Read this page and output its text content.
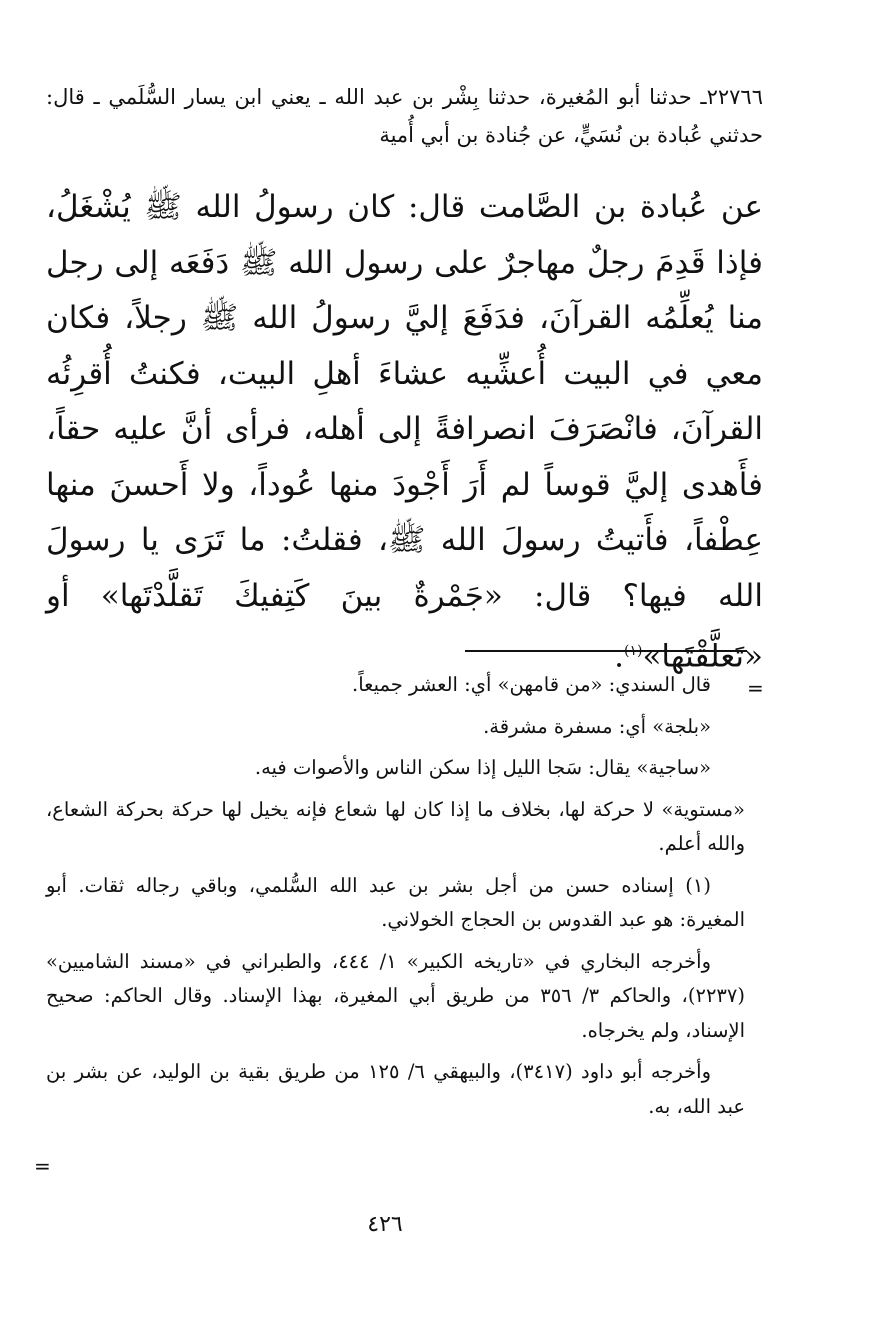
٢٢٧٦٦ـ حدثنا أبو المُغيرة، حدثنا بِشْر بن عبد الله ـ يعني ابن يسار السُّلَمي ـ قال: حدثني عُبادة بن نُسَيٍّ، عن جُنادة بن أبي أُمية

عن عُبادة بن الصَّامت قال: كان رسولُ الله ﷺ يُشْغَلُ، فإذا قَدِمَ رجلٌ مهاجرٌ على رسول الله ﷺ دَفَعَه إلى رجل منا يُعلِّمُه القرآنَ، فدَفَعَ إليَّ رسولُ الله ﷺ رجلاً، فكان معي في البيت أُعشِّيه عشاءَ أهلِ البيت، فكنتُ أُقرِئُه القرآنَ، فانْصَرَفَ انصرافةً إلى أهله، فرأى أنَّ عليه حقاً، فأَهدى إليَّ قوساً لم أَرَ أَجْودَ منها عُوداً، ولا أَحسنَ منها عِطْفاً، فأَتيتُ رسولَ الله ﷺ، فقلتُ: ما تَرَى يا رسولَ الله فيها؟ قال: «جَمْرةٌ بينَ كَتِفيكَ تَقلَّدْتَها» أو «تَعلَّقْتَها»$^{(١)}$.

=

قال السندي: «من قامهن» أي: العشر جميعاً.

«بلجة» أي: مسفرة مشرقة.

«ساجية» يقال: سَجا الليل إذا سكن الناس والأصوات فيه.

«مستوية» لا حركة لها، بخلاف ما إذا كان لها شعاع فإنه يخيل لها حركة بحركة الشعاع، والله أعلم.

(١) إسناده حسن من أجل بشر بن عبد الله السُّلمي، وباقي رجاله ثقات. أبو المغيرة: هو عبد القدوس بن الحجاج الخولاني.

وأخرجه البخاري في «تاريخه الكبير» ١/ ٤٤٤، والطبراني في «مسند الشاميين» (٢٢٣٧)، والحاكم ٣/ ٣٥٦ من طريق أبي المغيرة، بهذا الإسناد. وقال الحاكم: صحيح الإسناد، ولم يخرجاه.

وأخرجه أبو داود (٣٤١٧)، والبيهقي ٦/ ١٢٥ من طريق بقية بن الوليد، عن بشر بن عبد الله، به.

=
٤٢٦
